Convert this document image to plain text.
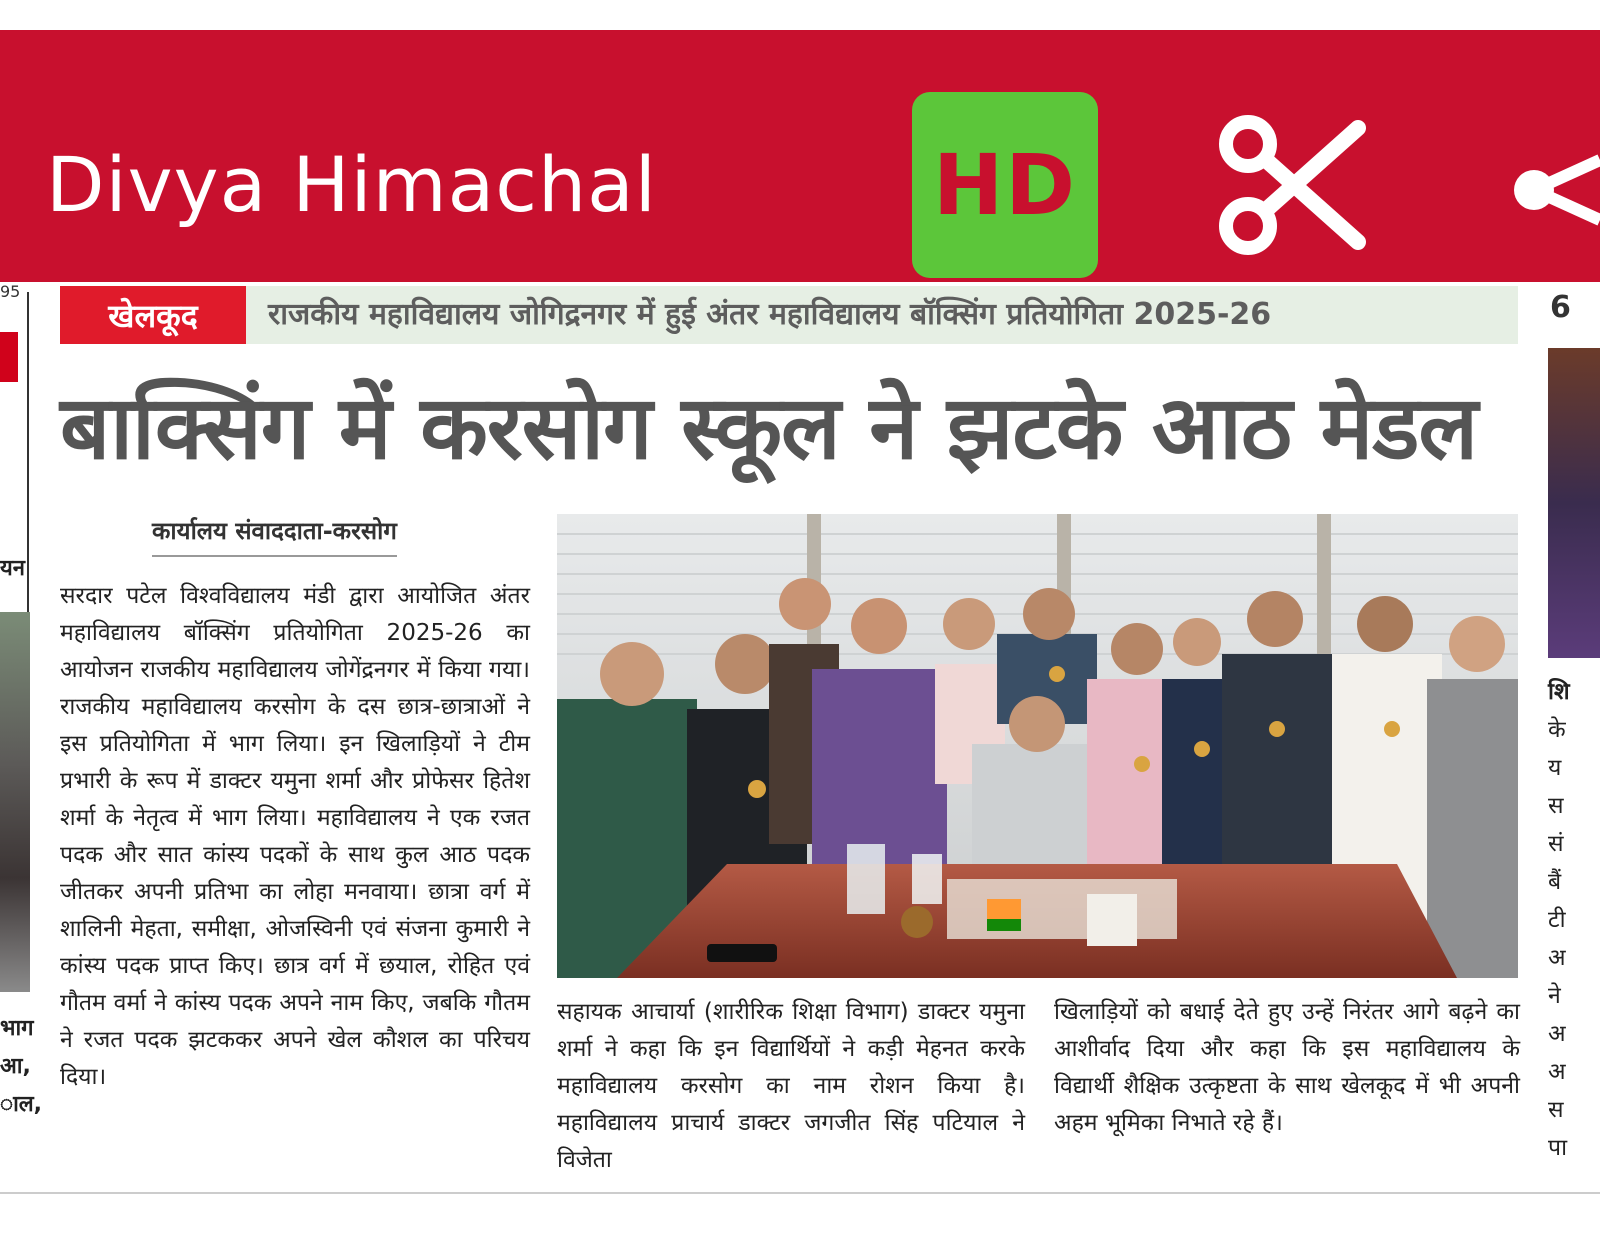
Divya Himachal	HD
95
यन
भाग
आ,
ाल,
खेलकूद	राजकीय महाविद्यालय जोगिद्रनगर में हुई अंतर महाविद्यालय बॉक्सिंग प्रतियोगिता 2025-26
बाक्सिंग में करसोग स्कूल ने झटके आठ मेडल
कार्यालय संवाददाता-करसोग
सरदार पटेल विश्वविद्यालय मंडी द्वारा आयोजित अंतर महाविद्यालय बॉक्सिंग प्रतियोगिता 2025-26 का आयोजन राजकीय महाविद्यालय जोगेंद्रनगर में किया गया। राजकीय महाविद्यालय करसोग के दस छात्र-छात्राओं ने इस प्रतियोगिता में भाग लिया। इन खिलाड़ियों ने टीम प्रभारी के रूप में डाक्टर यमुना शर्मा और प्रोफेसर हितेश शर्मा के नेतृत्व में भाग लिया। महाविद्यालय ने एक रजत पदक और सात कांस्य पदकों के साथ कुल आठ पदक जीतकर अपनी प्रतिभा का लोहा मनवाया। छात्रा वर्ग में शालिनी मेहता, समीक्षा, ओजस्विनी एवं संजना कुमारी ने कांस्य पदक प्राप्त किए। छात्र वर्ग में छयाल, रोहित एवं गौतम वर्मा ने कांस्य पदक अपने नाम किए, जबकि गौतम ने रजत पदक झटककर अपने खेल कौशल का परिचय दिया।
सहायक आचार्या (शारीरिक शिक्षा विभाग) डाक्टर यमुना शर्मा ने कहा कि इन विद्यार्थियों ने कड़ी मेहनत करके महाविद्यालय करसोग का नाम रोशन किया है। महाविद्यालय प्राचार्य डाक्टर जगजीत सिंह पटियाल ने विजेता
खिलाड़ियों को बधाई देते हुए उन्हें निरंतर आगे बढ़ने का आशीर्वाद दिया और कहा कि इस महाविद्यालय के विद्यार्थी शैक्षिक उत्कृष्टता के साथ खेलकूद में भी अपनी अहम भूमिका निभाते रहे हैं।
6
शि
के
य
स
सं
बैं
टी
अ
ने
अ
अ
स
पा
